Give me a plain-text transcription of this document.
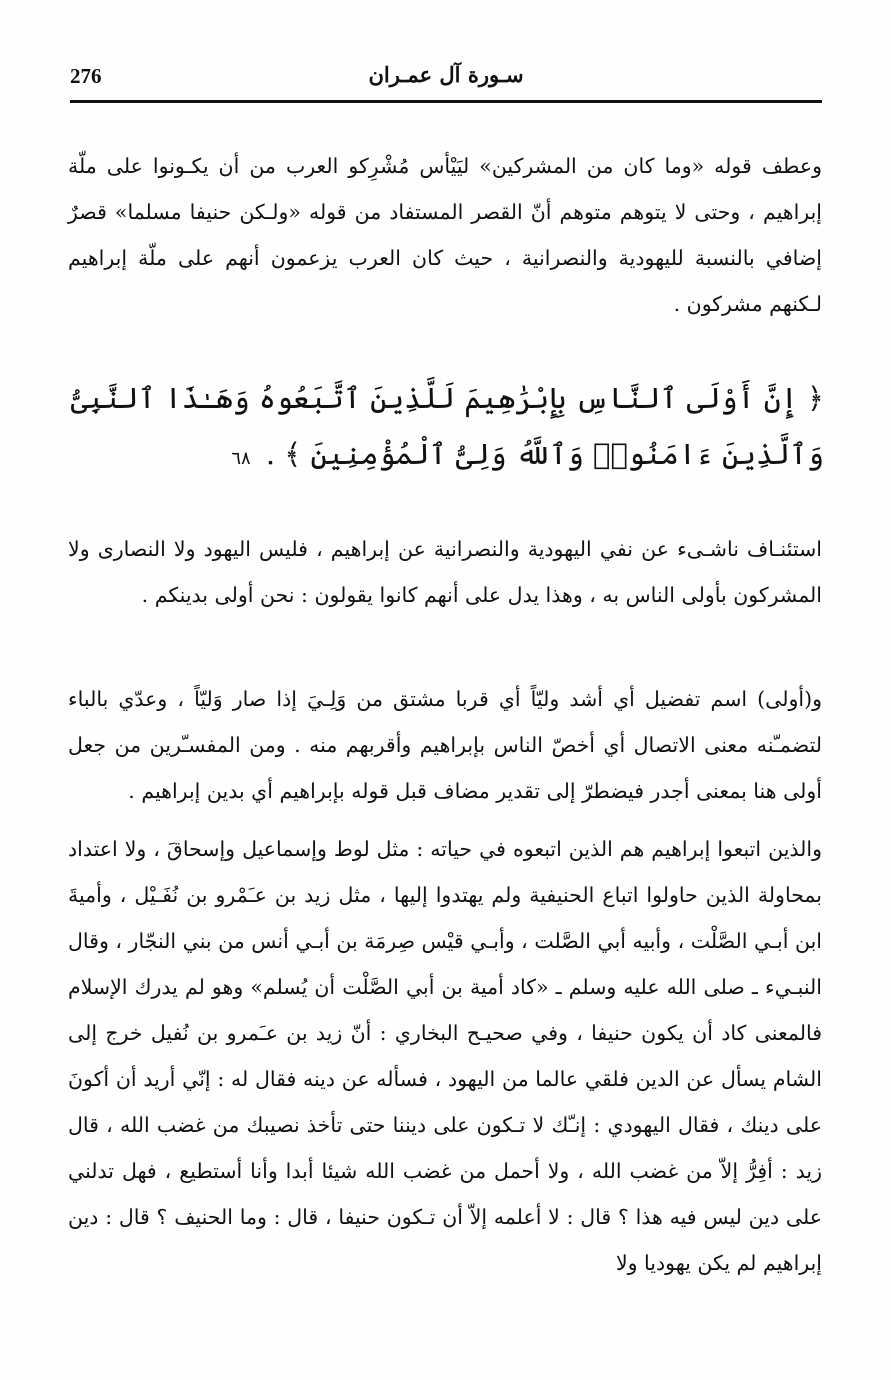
276	سـورة آل عمـران

وعطف قوله «وما كان من المشركين» ليَيْأس مُشْرِكو العرب من أن يكـونوا على ملّة إبراهيم ، وحتى لا يتوهم متوهم أنّ القصر المستفاد من قوله «ولـكن حنيفا مسلما» قصرٌ إضافي بالنسبة لليهودية والنصرانية ، حيث كان العرب يزعمون أنهم على ملّة إبراهيم لـكنهم مشركون .

﴿ إِنَّ أَوْلَى ٱلنَّاسِ بِإِبْرَٰهِيمَ لَلَّذِينَ ٱتَّبَعُوهُ وَهَـٰذَا ٱلنَّبِىُّ وَٱلَّذِينَ ءَامَنُوا۟ وَٱللَّهُ وَلِىُّ ٱلْمُؤْمِنِينَ ﴾ . ٦٨

استئنـاف ناشـىء عن نفي اليهودية والنصرانية عن إبراهيم ، فليس اليهود ولا النصارى ولا المشركون بأولى الناس به ، وهذا يدل على أنهم كانوا يقولون : نحن أولى بدينكم .

و(أولى) اسم تفضيل أي أشد وليّاً أي قربا مشتق من وَلِـيَ إذا صار وَليّاً ، وعدّي بالباء لتضمـّنه معنى الاتصال أي أخصّ الناس بإبراهيم وأقربهم منه . ومن المفسـّرين من جعل أولى هنا بمعنى أجدر فيضطرّ إلى تقدير مضاف قبل قوله بإبراهيم أي بدين إبراهيم .

والذين اتبعوا إبراهيم هم الذين اتبعوه في حياته : مثل لوط وإسماعيل وإسحاقَ ، ولا اعتداد بمحاولة الذين حاولوا اتباع الحنيفية ولم يهتدوا إليها ، مثل زيد بن عـَمْرو بن نُفَـيْل ، وأميةَ ابن أبـي الصَّلْت ، وأبيه أبي الصَّلت ، وأبـي قيْس صِرمَة بن أبـي أنس من بني النجّار ، وقال النبـيء ـ صلى الله عليه وسلم ـ «كاد أمية بن أبي الصَّلْت أن يُسلم» وهو لم يدرك الإسلام فالمعنى كاد أن يكون حنيفا ، وفي صحيـح البخاري : أنّ زيد بن عـَمرو بن نُفيل خرج إلى الشام يسأل عن الدين فلقي عالما من اليهود ، فسأله عن دينه فقال له : إنّي أريد أن أكونَ على دينك ، فقال اليهودي : إنـّك لا تـكون على ديننا حتى تأخذ نصيبك من غضب الله ، قال زيد : أفِرُّ إلاّ من غضب الله ، ولا أحمل من غضب الله شيئا أبدا وأنا أستطيع ، فهل تدلني على دين ليس فيه هذا ؟ قال : لا أعلمه إلاّ أن تـكون حنيفا ، قال : وما الحنيف ؟ قال : دين إبراهيم لم يكن يهوديا ولا
